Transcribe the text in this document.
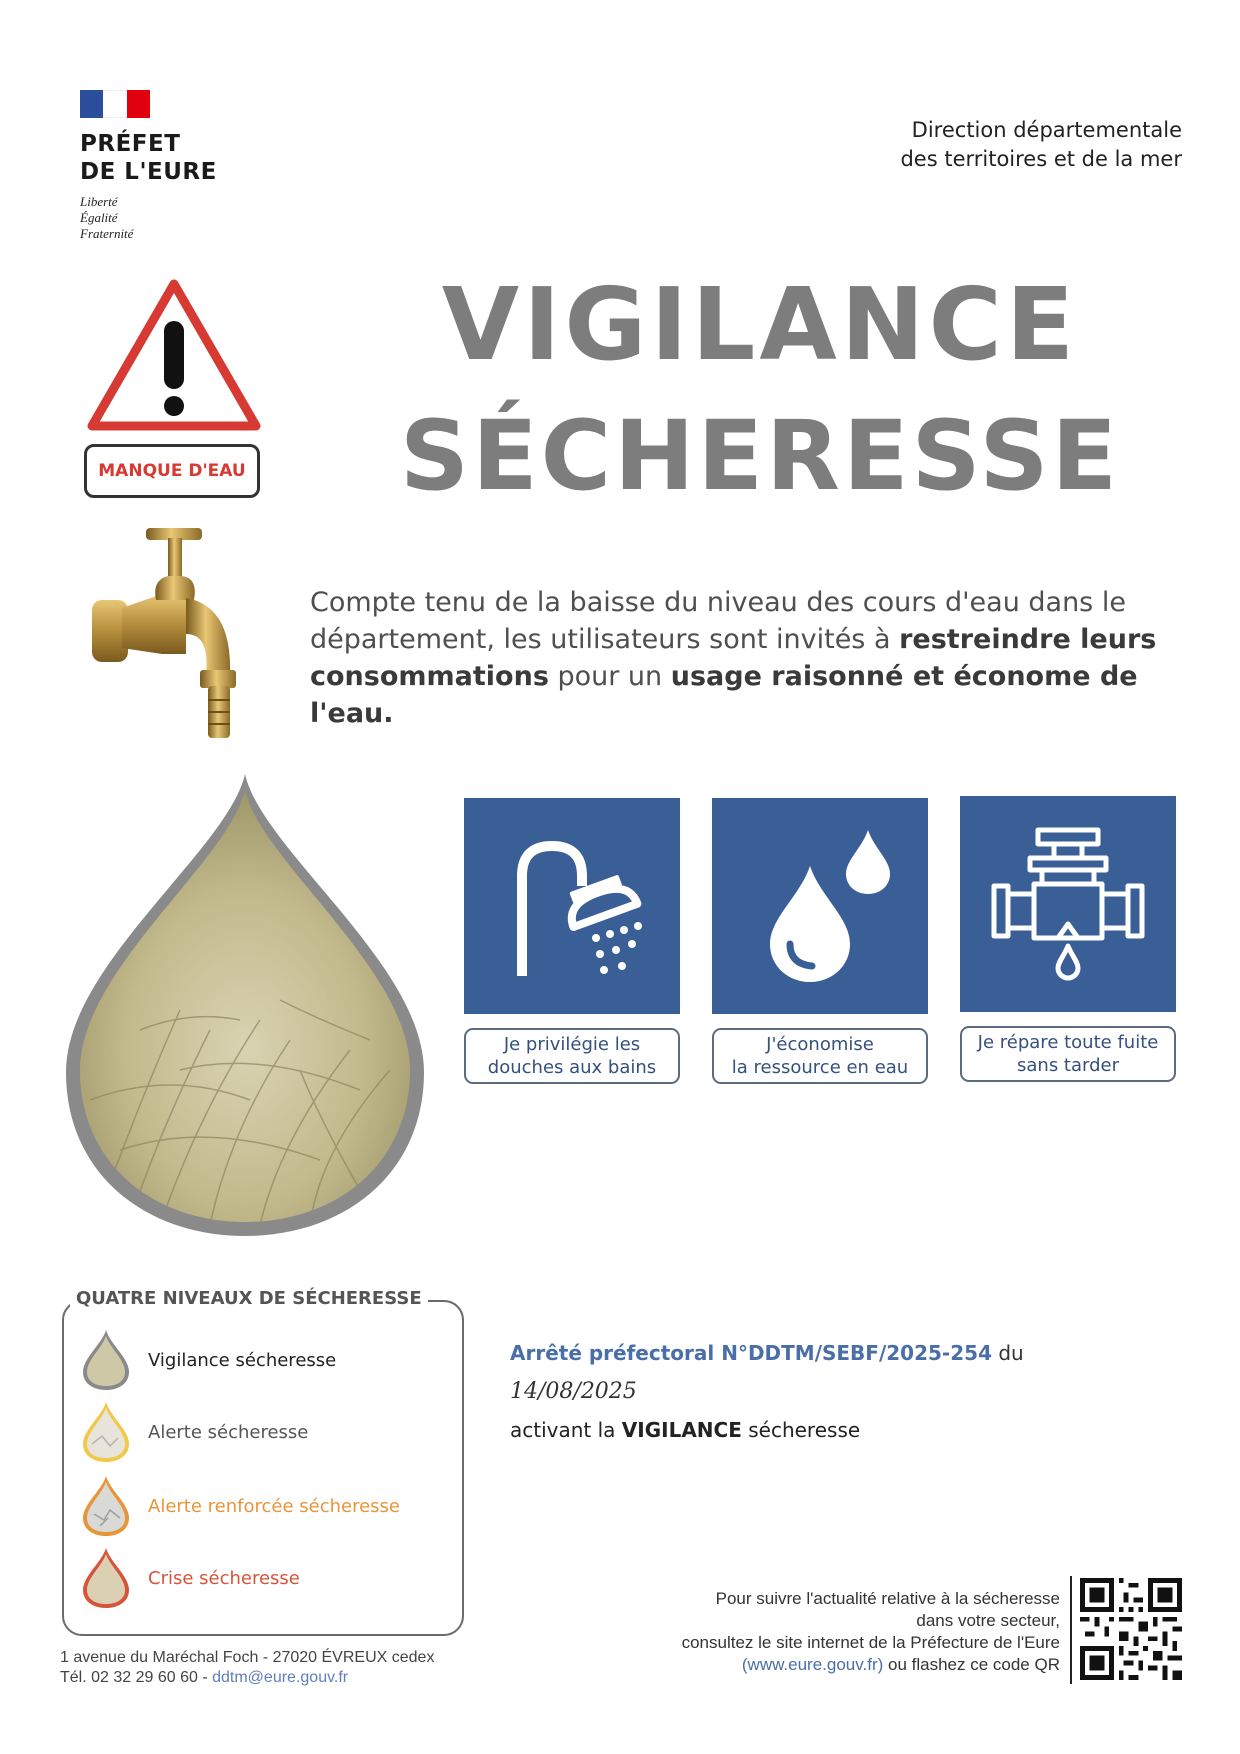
PRÉFET
DE L'EURE
Liberté
Égalité
Fraternité
Direction départementale
des territoires et de la mer
MANQUE D'EAU
VIGILANCE
SÉCHERESSE
Compte tenu de la baisse du niveau des cours d'eau dans le département, les utilisateurs sont invités à restreindre leurs consommations pour un usage raisonné et économe de l'eau.
Je privilégie les
douches aux bains
J'économise
la ressource en eau
Je répare toute fuite
sans tarder
QUATRE NIVEAUX DE SÉCHERESSE
Vigilance sécheresse
Alerte sécheresse
Alerte renforcée sécheresse
Crise sécheresse
Arrêté préfectoral N°DDTM/SEBF/2025-254 du 14/08/2025
activant la VIGILANCE sécheresse
1 avenue du Maréchal Foch - 27020 ÉVREUX cedex
Tél. 02 32 29 60 60 - ddtm@eure.gouv.fr
Pour suivre l'actualité relative à la sécheresse
dans votre secteur,
consultez le site internet de la Préfecture de l'Eure
(www.eure.gouv.fr) ou flashez ce code QR
